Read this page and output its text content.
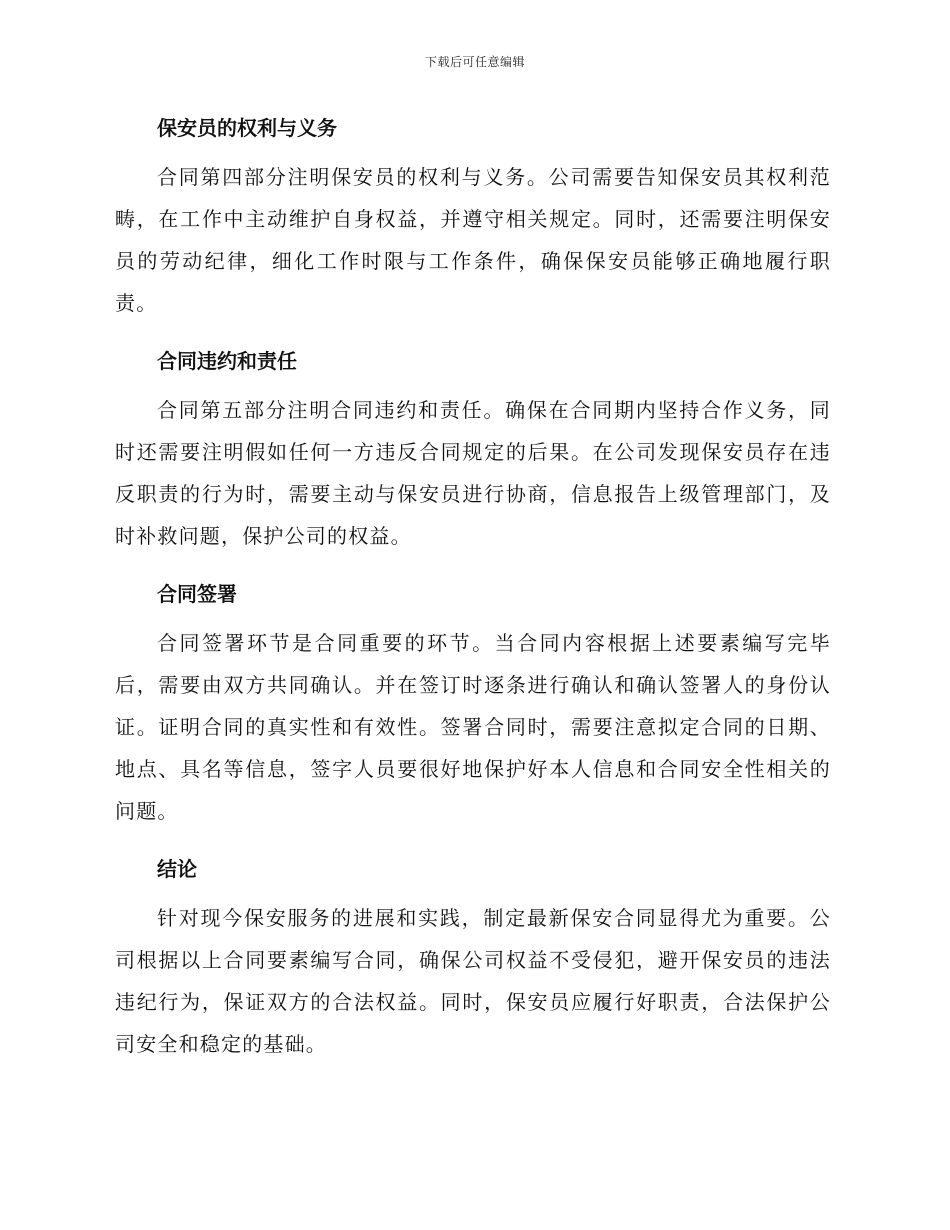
下载后可任意编辑
保安员的权利与义务

合同第四部分注明保安员的权利与义务。公司需要告知保安员其权利范畴，在工作中主动维护自身权益，并遵守相关规定。同时，还需要注明保安员的劳动纪律，细化工作时限与工作条件，确保保安员能够正确地履行职责。

合同违约和责任

合同第五部分注明合同违约和责任。确保在合同期内坚持合作义务，同时还需要注明假如任何一方违反合同规定的后果。在公司发现保安员存在违反职责的行为时，需要主动与保安员进行协商，信息报告上级管理部门，及时补救问题，保护公司的权益。

合同签署

合同签署环节是合同重要的环节。当合同内容根据上述要素编写完毕后，需要由双方共同确认。并在签订时逐条进行确认和确认签署人的身份认证。证明合同的真实性和有效性。签署合同时，需要注意拟定合同的日期、地点、具名等信息，签字人员要很好地保护好本人信息和合同安全性相关的问题。

结论

针对现今保安服务的进展和实践，制定最新保安合同显得尤为重要。公司根据以上合同要素编写合同，确保公司权益不受侵犯，避开保安员的违法违纪行为，保证双方的合法权益。同时，保安员应履行好职责，合法保护公司安全和稳定的基础。
